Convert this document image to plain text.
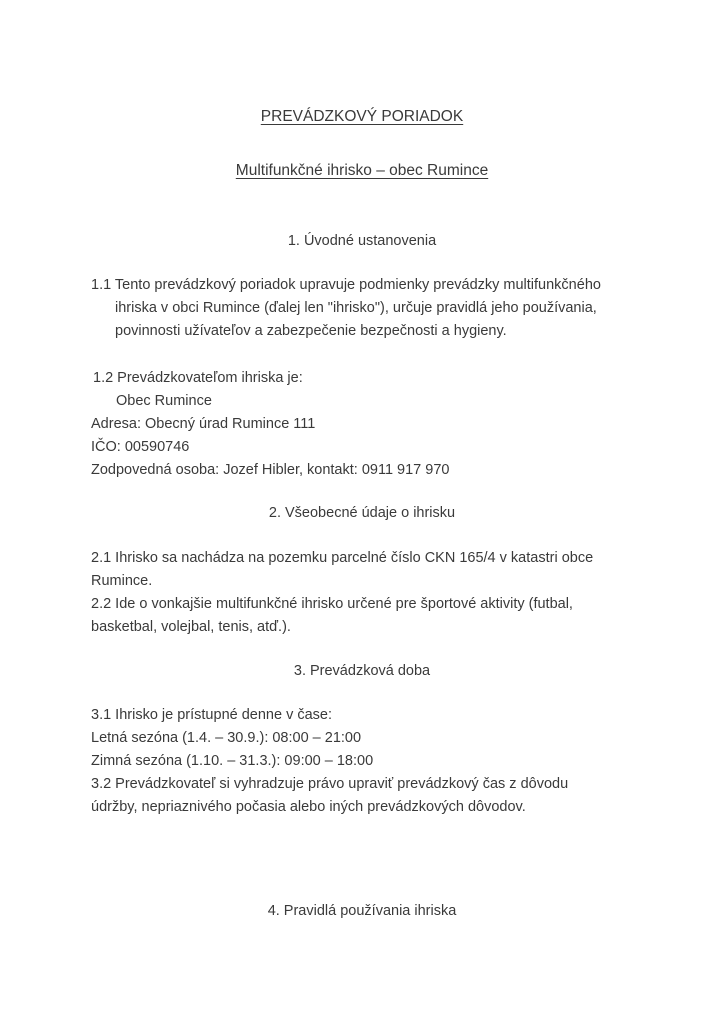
PREVÁDZKOVÝ PORIADOK
Multifunkčné ihrisko – obec Rumince
1. Úvodné ustanovenia
1.1 Tento prevádzkový poriadok upravuje podmienky prevádzky multifunkčného
ihriska v obci Rumince (ďalej len "ihrisko"), určuje pravidlá jeho používania,
povinnosti užívateľov a zabezpečenie bezpečnosti a hygieny.
1.2 Prevádzkovateľom ihriska je:
Obec Rumince
Adresa: Obecný úrad Rumince 111
IČO: 00590746
Zodpovedná osoba: Jozef Hibler, kontakt: 0911 917 970
2. Všeobecné údaje o ihrisku
2.1 Ihrisko sa nachádza na pozemku parcelné číslo CKN 165/4 v katastri obce
Rumince.
2.2 Ide o vonkajšie multifunkčné ihrisko určené pre športové aktivity (futbal,
basketbal, volejbal, tenis, atď.).
3. Prevádzková doba
3.1 Ihrisko je prístupné denne v čase:
Letná sezóna (1.4. – 30.9.): 08:00 – 21:00
Zimná sezóna (1.10. – 31.3.): 09:00 – 18:00
3.2 Prevádzkovateľ si vyhradzuje právo upraviť prevádzkový čas z dôvodu
údržby, nepriaznivého počasia alebo iných prevádzkových dôvodov.
4. Pravidlá používania ihriska
